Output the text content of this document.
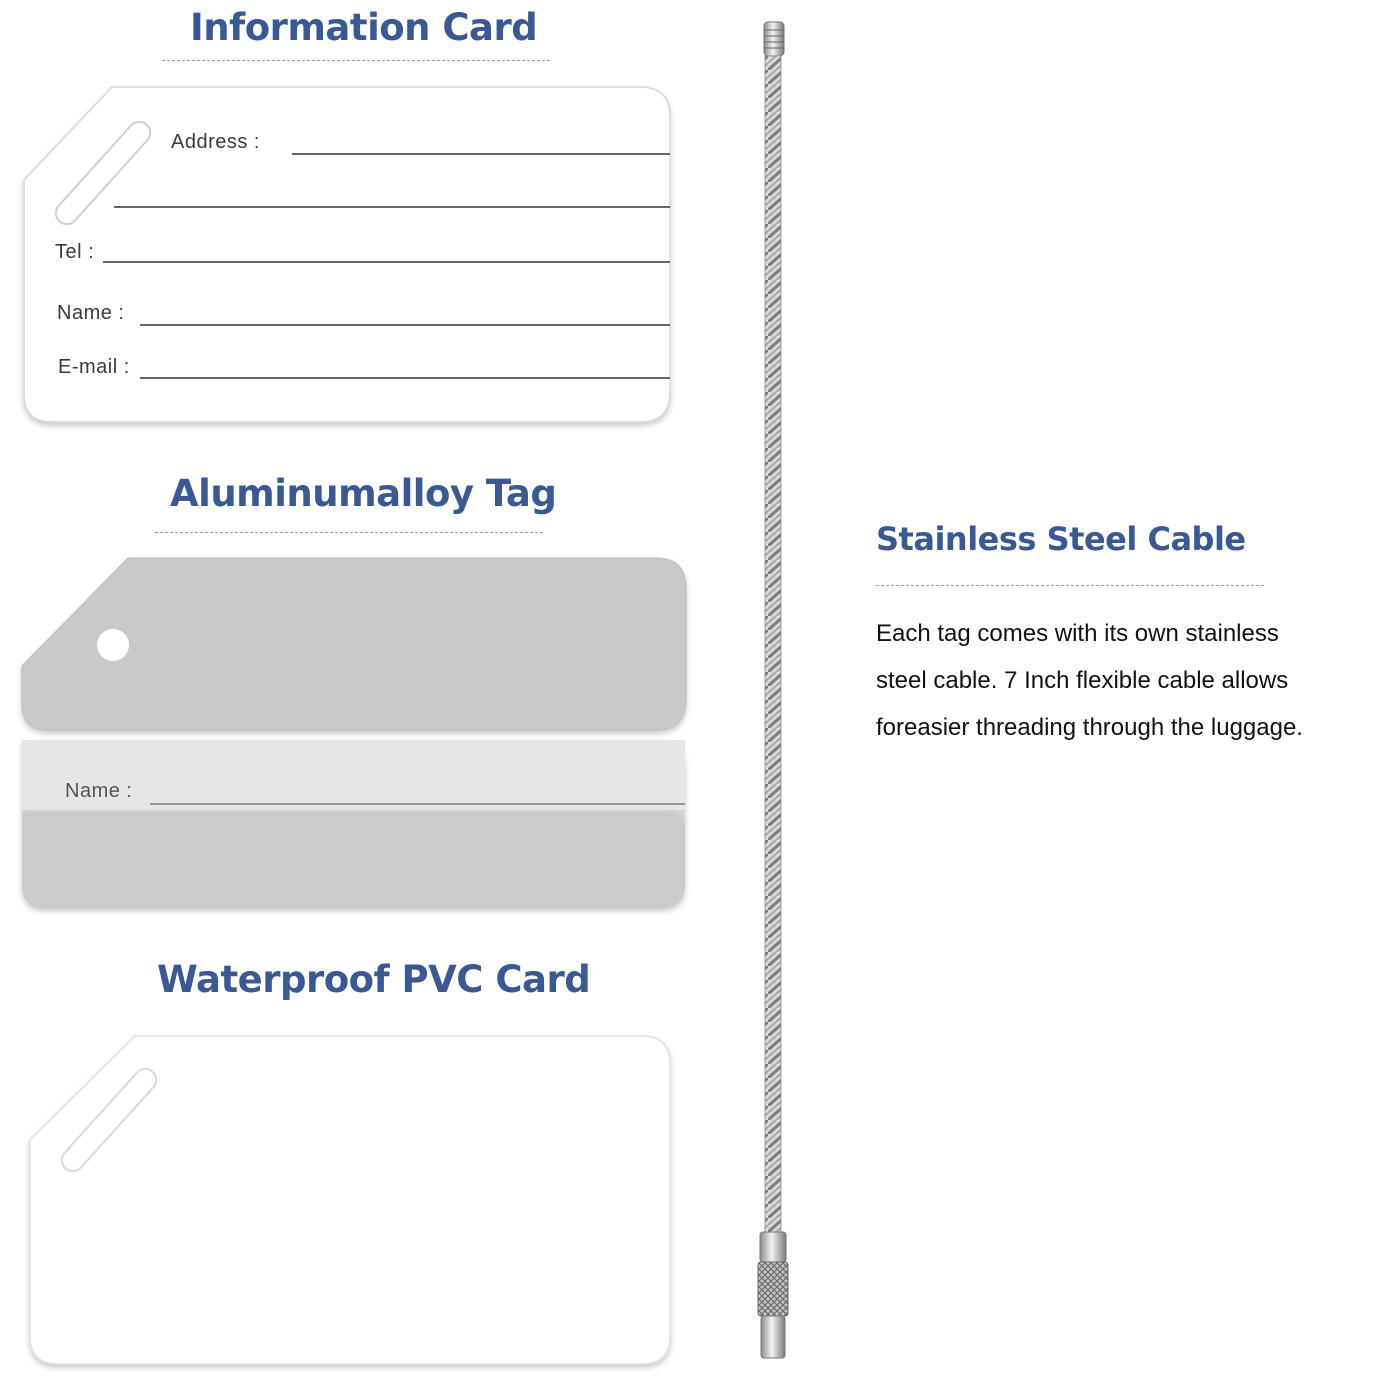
Information Card
Aluminumalloy Tag
Waterproof PVC Card
Stainless Steel Cable
Address :
Tel :
Name :
E-mail :
Name :

Each tag comes with its own stainless

steel cable. 7 Inch flexible cable allows

foreasier threading through the luggage.
